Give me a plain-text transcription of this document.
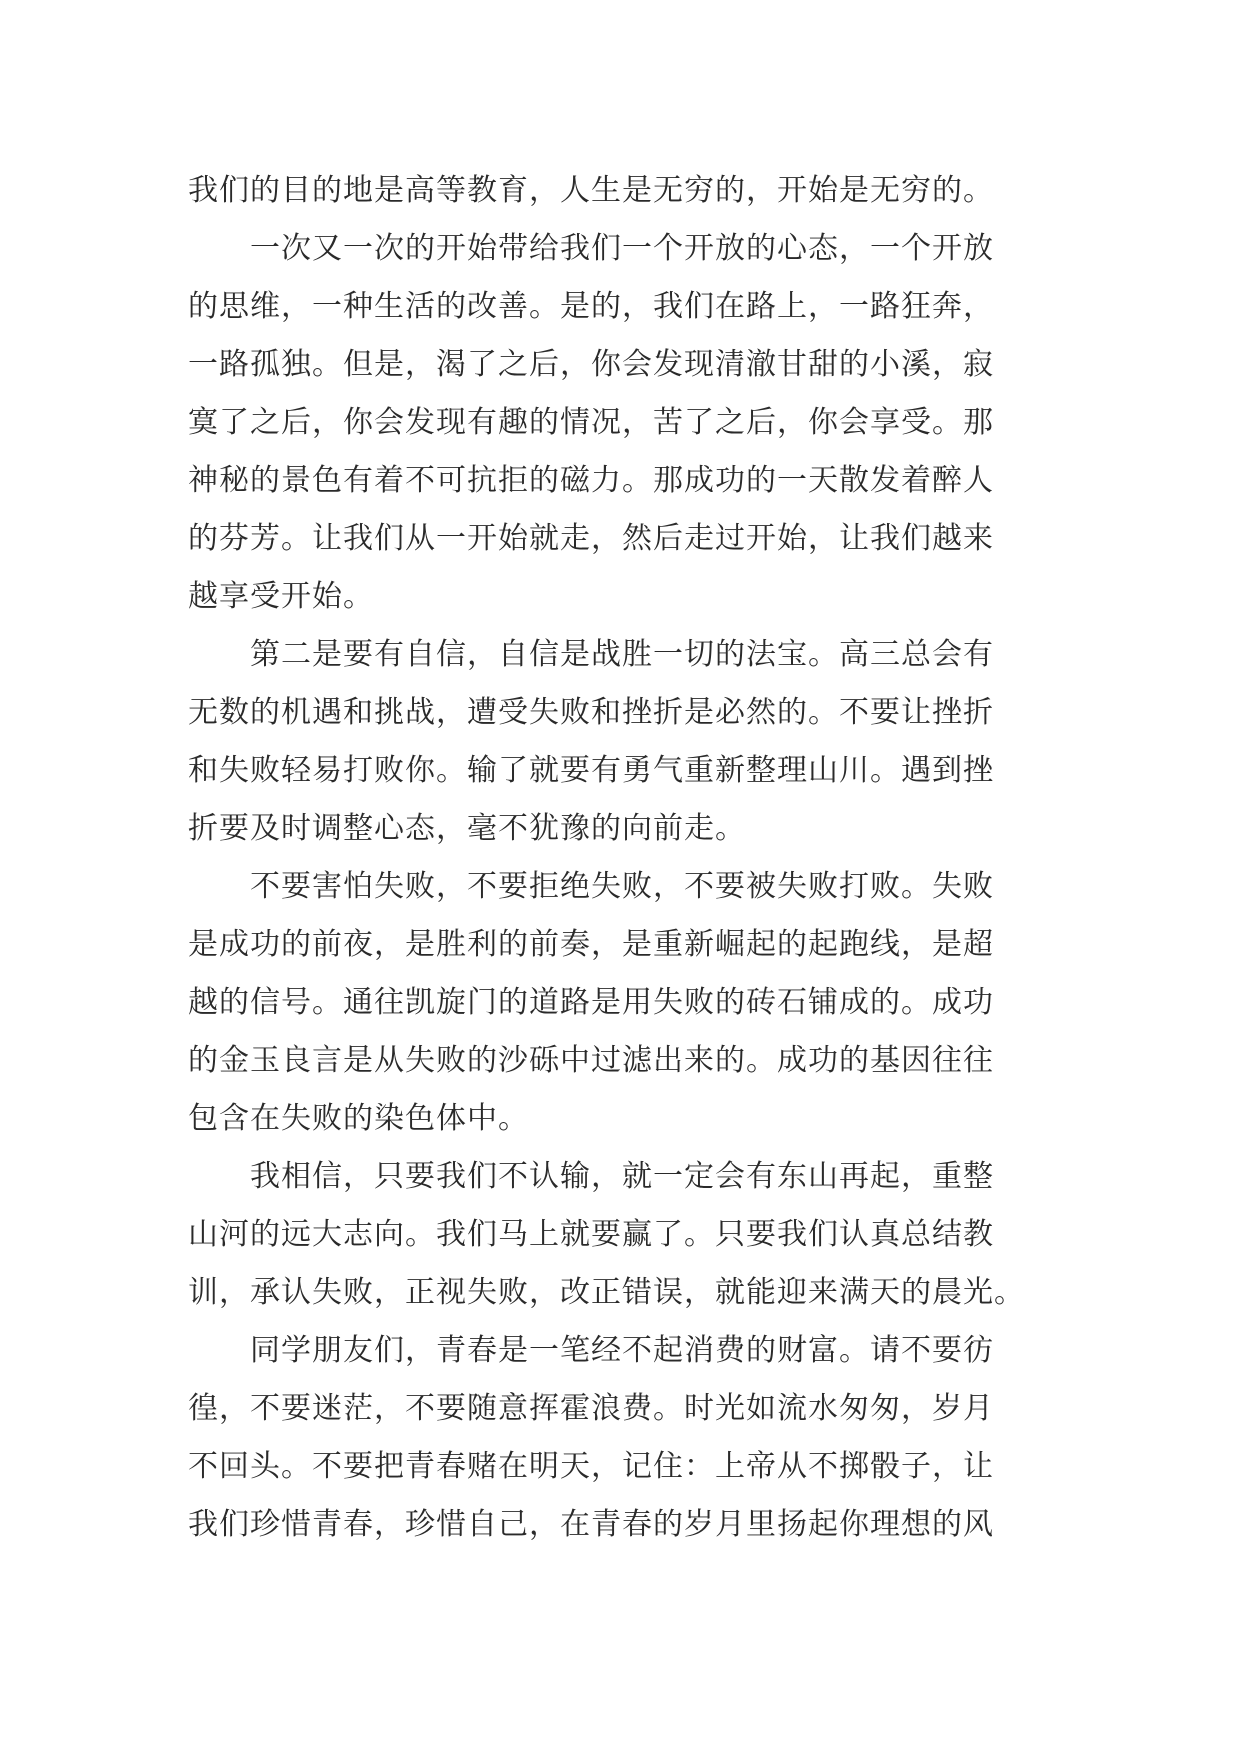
我们的目的地是高等教育，人生是无穷的，开始是无穷的。
一次又一次的开始带给我们一个开放的心态，一个开放
的思维，一种生活的改善。是的，我们在路上，一路狂奔，
一路孤独。但是，渴了之后，你会发现清澈甘甜的小溪，寂
寞了之后，你会发现有趣的情况，苦了之后，你会享受。那
神秘的景色有着不可抗拒的磁力。那成功的一天散发着醉人
的芬芳。让我们从一开始就走，然后走过开始，让我们越来
越享受开始。
第二是要有自信，自信是战胜一切的法宝。高三总会有
无数的机遇和挑战，遭受失败和挫折是必然的。不要让挫折
和失败轻易打败你。输了就要有勇气重新整理山川。遇到挫
折要及时调整心态，毫不犹豫的向前走。
不要害怕失败，不要拒绝失败，不要被失败打败。失败
是成功的前夜，是胜利的前奏，是重新崛起的起跑线，是超
越的信号。通往凯旋门的道路是用失败的砖石铺成的。成功
的金玉良言是从失败的沙砾中过滤出来的。成功的基因往往
包含在失败的染色体中。
我相信，只要我们不认输，就一定会有东山再起，重整
山河的远大志向。我们马上就要赢了。只要我们认真总结教
训，承认失败，正视失败，改正错误，就能迎来满天的晨光。
同学朋友们，青春是一笔经不起消费的财富。请不要彷
徨，不要迷茫，不要随意挥霍浪费。时光如流水匆匆，岁月
不回头。不要把青春赌在明天，记住：上帝从不掷骰子，让
我们珍惜青春，珍惜自己，在青春的岁月里扬起你理想的风
